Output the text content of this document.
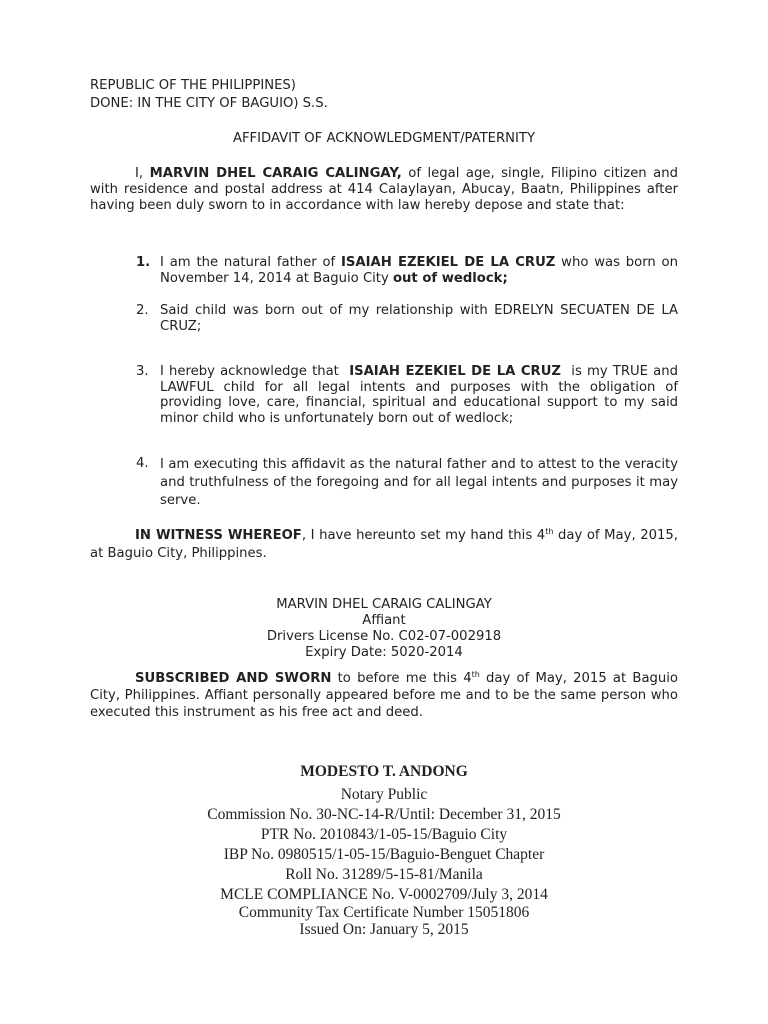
REPUBLIC OF THE PHILIPPINES)
DONE: IN THE CITY OF BAGUIO) S.S.
AFFIDAVIT OF ACKNOWLEDGMENT/PATERNITY
I, MARVIN DHEL CARAIG CALINGAY, of legal age, single, Filipino citizen and with residence and postal address at 414 Calaylayan, Abucay, Baatn, Philippines after having been duly sworn to in accordance with law hereby depose and state that:
1. I am the natural father of ISAIAH EZEKIEL DE LA CRUZ who was born on November 14, 2014 at Baguio City out of wedlock;
2. Said child was born out of my relationship with EDRELYN SECUATEN DE LA CRUZ;
3. I hereby acknowledge that  ISAIAH EZEKIEL DE LA CRUZ  is my TRUE and LAWFUL child for all legal intents and purposes with the obligation of providing love, care, financial, spiritual and educational support to my said minor child who is unfortunately born out of wedlock;
4. I am executing this affidavit as the natural father and to attest to the veracity and truthfulness of the foregoing and for all legal intents and purposes it may serve.
IN WITNESS WHEREOF, I have hereunto set my hand this 4th day of May, 2015, at Baguio City, Philippines.
MARVIN DHEL CARAIG CALINGAY
Affiant
Drivers License No. C02-07-002918
Expiry Date: 5020-2014
SUBSCRIBED AND SWORN to before me this 4th day of May, 2015 at Baguio City, Philippines. Affiant personally appeared before me and to be the same person who executed this instrument as his free act and deed.
MODESTO T. ANDONG
Notary Public
Commission No. 30-NC-14-R/Until: December 31, 2015
PTR No. 2010843/1-05-15/Baguio City
IBP No. 0980515/1-05-15/Baguio-Benguet Chapter
Roll No. 31289/5-15-81/Manila
MCLE COMPLIANCE No. V-0002709/July 3, 2014
Community Tax Certificate Number 15051806
Issued On: January 5, 2015
